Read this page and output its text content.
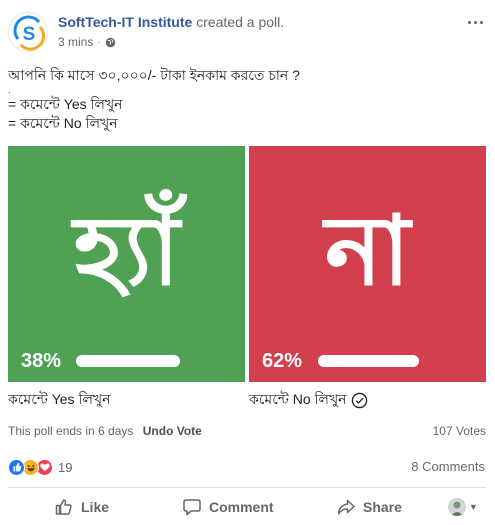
S
SoftTech-IT Institute created a poll.
3 mins ·
আপনি কি মাসে ৩০,০০০/- টাকা ইনকাম করতে চান ?
.
= কমেন্টে Yes লিখুন
= কমেন্টে No লিখুন
হ্যাঁ
38%
না
62%
কমেন্টে Yes লিখুন	কমেন্টে No লিখুন
This poll ends in 6 days Undo Vote	107 Votes
19	8 Comments
Like	Comment	Share	▼
